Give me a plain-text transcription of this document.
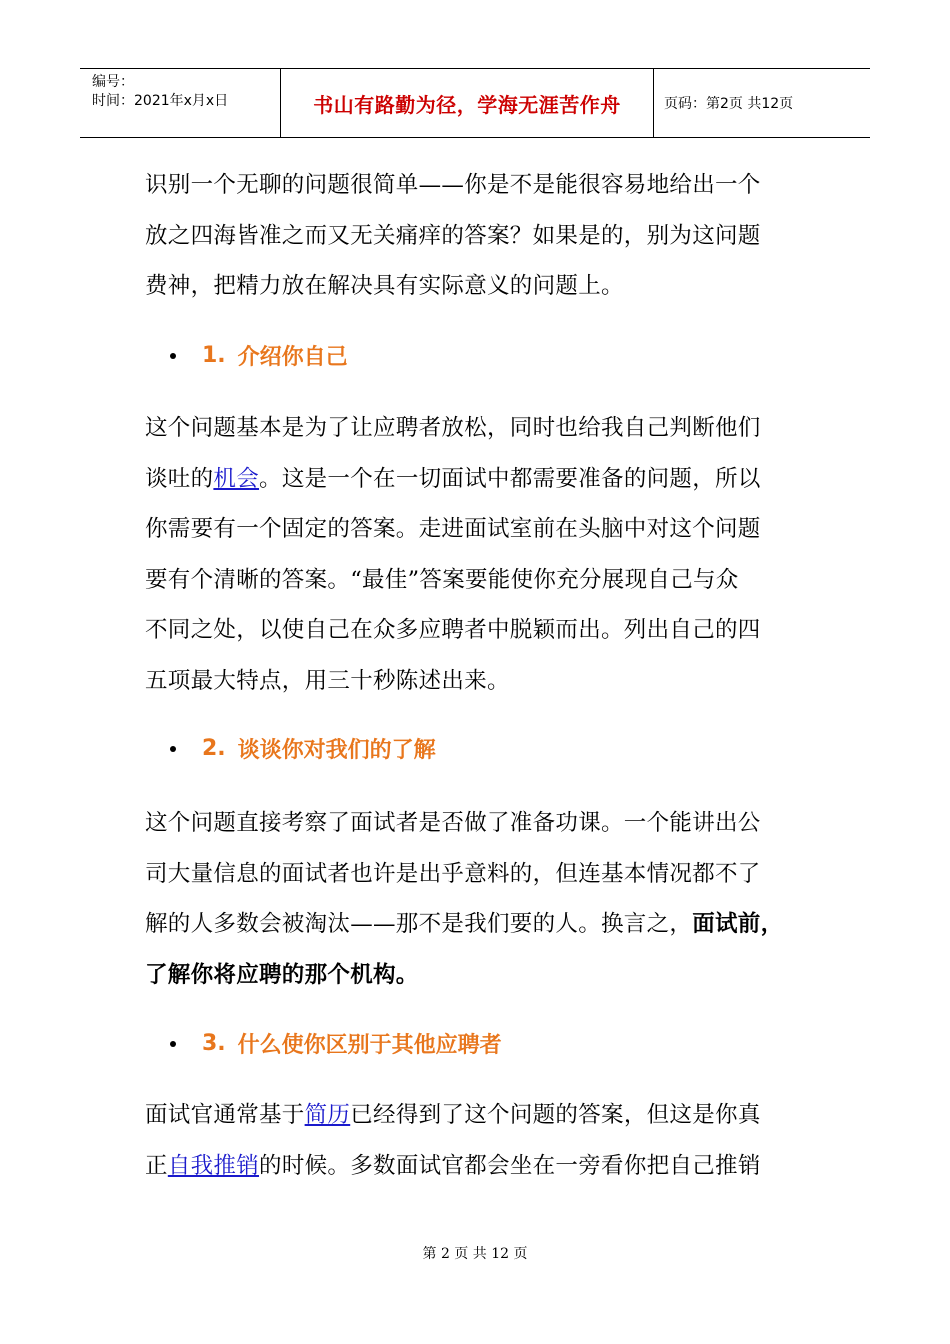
编号：
时间：2021年x月x日	书山有路勤为径，学海无涯苦作舟	页码：第2页 共12页
识别一个无聊的问题很简单——你是不是能很容易地给出一个
放之四海皆准之而又无关痛痒的答案？如果是的，别为这问题
费神，把精力放在解决具有实际意义的问题上。
1. 介绍你自己
这个问题基本是为了让应聘者放松，同时也给我自己判断他们
谈吐的机会。这是一个在一切面试中都需要准备的问题，所以
你需要有一个固定的答案。走进面试室前在头脑中对这个问题
要有个清晰的答案。“最佳”答案要能使你充分展现自己与众
不同之处，以使自己在众多应聘者中脱颖而出。列出自己的四
五项最大特点，用三十秒陈述出来。
2. 谈谈你对我们的了解
这个问题直接考察了面试者是否做了准备功课。一个能讲出公
司大量信息的面试者也许是出乎意料的，但连基本情况都不了
解的人多数会被淘汰——那不是我们要的人。换言之，面试前，
了解你将应聘的那个机构。
3. 什么使你区别于其他应聘者
面试官通常基于简历已经得到了这个问题的答案，但这是你真
正自我推销的时候。多数面试官都会坐在一旁看你把自己推销
第 2 页 共 12 页
